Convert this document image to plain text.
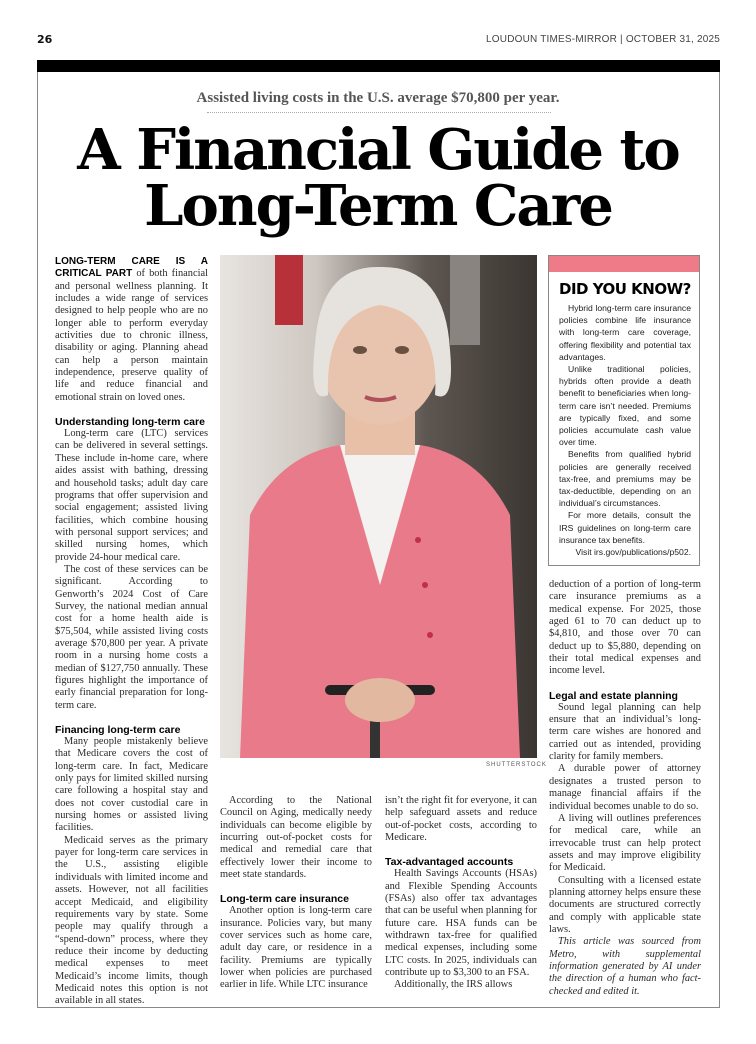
26	LOUDOUN TIMES-MIRROR | OCTOBER 31, 2025
Assisted living costs in the U.S. average $70,800 per year.
A Financial Guide to
Long-Term Care

LONG-TERM CARE IS A CRITICAL PART of both financial and personal wellness planning. It includes a wide range of services designed to help people who are no longer able to perform everyday activities due to chronic illness, disability or aging. Planning ahead can help a person maintain independence, preserve quality of life and reduce financial and emotional strain on loved ones.

Understanding long-term care

Long-term care (LTC) services can be delivered in several settings. These include in-home care, where aides assist with bathing, dressing and household tasks; adult day care programs that offer supervision and social engagement; assisted living facilities, which combine housing with personal support services; and skilled nursing homes, which provide 24-hour medical care.

The cost of these services can be significant. According to Genworth’s 2024 Cost of Care Survey, the national median annual cost for a home health aide is $75,504, while assisted living costs average $70,800 per year. A private room in a nursing home costs a median of $127,750 annually. These figures highlight the importance of early financial preparation for long-term care.

Financing long-term care

Many people mistakenly believe that Medicare covers the cost of long-term care. In fact, Medicare only pays for limited skilled nursing care following a hospital stay and does not cover custodial care in nursing homes or assisted living facilities.

Medicaid serves as the primary payer for long-term care services in the U.S., assisting eligible individuals with limited income and assets. However, not all facilities accept Medicaid, and eligibility requirements vary by state. Some people may qualify through a “spend-down” process, where they reduce their income by deducting medical expenses to meet Medicaid’s income limits, though Medicaid notes this option is not available in all states.

SHUTTERSTOCK

According to the National Council on Aging, medically needy individuals can become eligible by incurring out-of-pocket costs for medical and remedial care that effectively lower their income to meet state standards.

Long-term care insurance

Another option is long-term care insurance. Policies vary, but many cover services such as home care, adult day care, or residence in a facility. Premiums are typically lower when policies are purchased earlier in life. While LTC insurance

isn’t the right fit for everyone, it can help safeguard assets and reduce out-of-pocket costs, according to Medicare.

Tax-advantaged accounts

Health Savings Accounts (HSAs) and Flexible Spending Accounts (FSAs) also offer tax advantages that can be useful when planning for future care. HSA funds can be withdrawn tax-free for qualified medical expenses, including some LTC costs. In 2025, individuals can contribute up to $3,300 to an FSA.

Additionally, the IRS allows

DID YOU KNOW?

Hybrid long-term care insurance policies combine life insurance with long-term care coverage, offering flexibility and potential tax advantages.

Unlike traditional policies, hybrids often provide a death benefit to beneficiaries when long-term care isn’t needed. Premiums are typically fixed, and some policies accumulate cash value over time.

Benefits from qualified hybrid policies are generally received tax-free, and premiums may be tax-deductible, depending on an individual’s circumstances.

For more details, consult the IRS guidelines on long-term care insurance tax benefits.

Visit irs.gov/publications/p502.

deduction of a portion of long-term care insurance premiums as a medical expense. For 2025, those aged 61 to 70 can deduct up to $4,810, and those over 70 can deduct up to $5,880, depending on their total medical expenses and income level.

Legal and estate planning

Sound legal planning can help ensure that an individual’s long-term care wishes are honored and carried out as intended, providing clarity for family members.

A durable power of attorney designates a trusted person to manage financial affairs if the individual becomes unable to do so.

A living will outlines preferences for medical care, while an irrevocable trust can help protect assets and may improve eligibility for Medicaid.

Consulting with a licensed estate planning attorney helps ensure these documents are structured correctly and comply with applicable state laws.

This article was sourced from Metro, with supplemental information generated by AI under the direction of a human who fact-checked and edited it.
